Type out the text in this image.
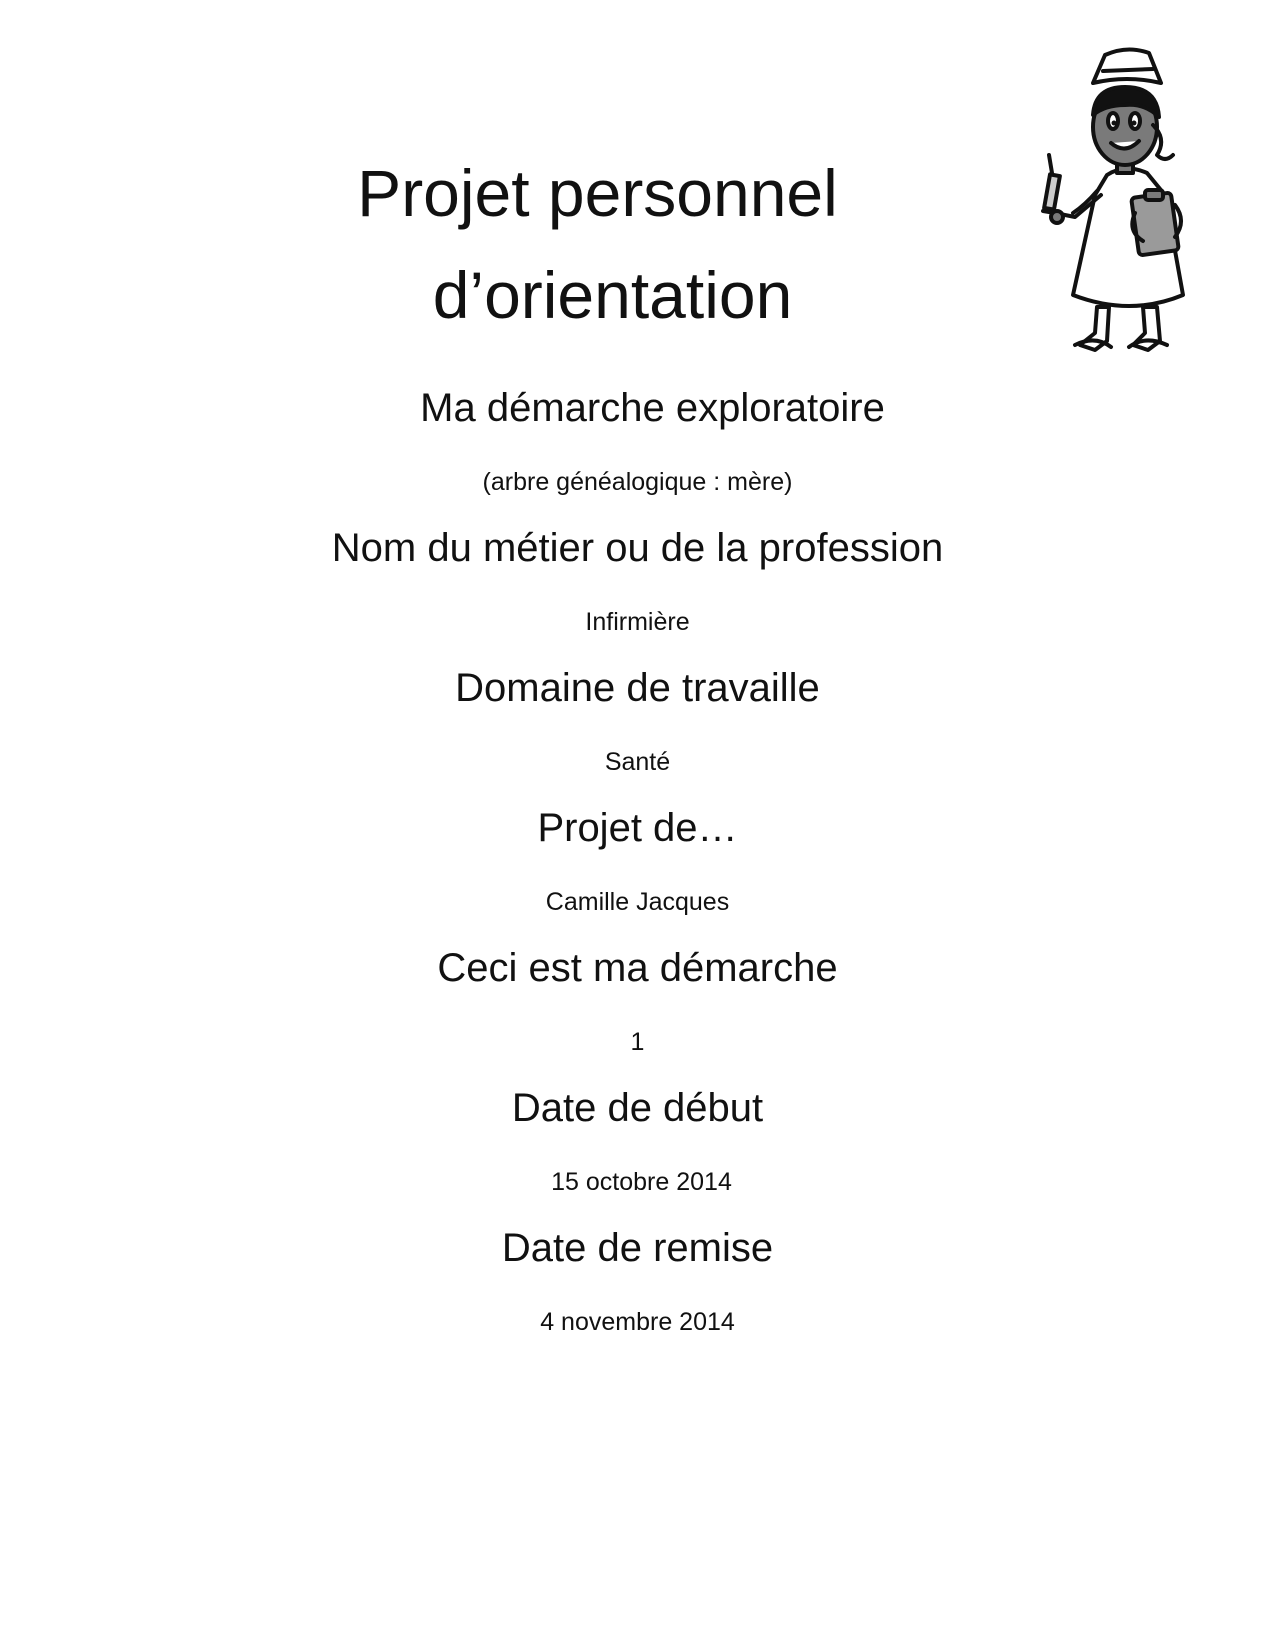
Projet personnel
d’orientation
Ma démarche exploratoire
(arbre généalogique : mère)
Nom du métier ou de la profession
Infirmière
Domaine de travaille
Santé
Projet de…
Camille Jacques
Ceci est ma démarche
1
Date de début
15 octobre 2014
Date de remise
4 novembre 2014
